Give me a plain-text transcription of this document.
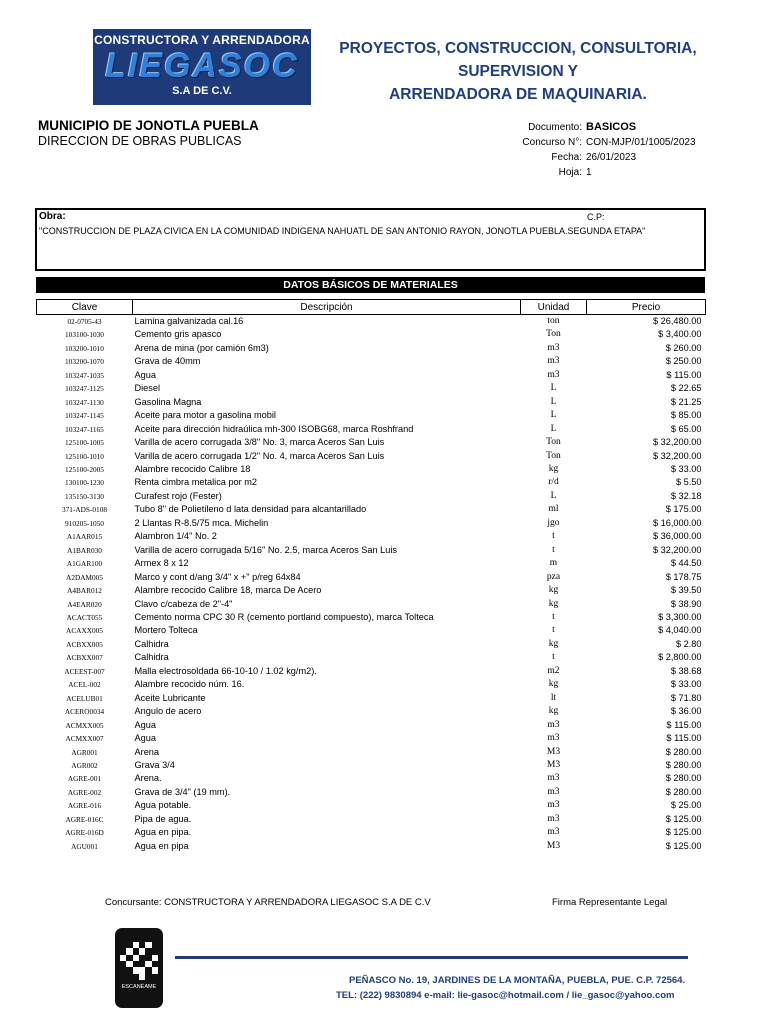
CONSTRUCTORA Y ARRENDADORA
LIEGASOC
S.A DE C.V.
PROYECTOS, CONSTRUCCION, CONSULTORIA,
SUPERVISION Y
ARRENDADORA DE MAQUINARIA.
MUNICIPIO DE JONOTLA PUEBLA
DIRECCION DE OBRAS PUBLICAS
Documento: BASICOS
Concurso N°: CON-MJP/01/1005/2023
Fecha: 26/01/2023
Hoja: 1
Obra:	C.P:
"CONSTRUCCION DE PLAZA CIVICA EN LA COMUNIDAD INDIGENA NAHUATL DE SAN ANTONIO RAYON, JONOTLA PUEBLA.SEGUNDA ETAPA"
DATOS BÁSICOS DE MATERIALES
Clave	Descripción	Unidad	Precio
02-0705-43	Lamina galvanizada cal.16	ton	$ 26,480.00
103100-1030	Cemento gris apasco	Ton	$ 3,400.00
103200-1010	Arena de mina (por camión 6m3)	m3	$ 260.00
103200-1070	Grava de 40mm	m3	$ 250.00
103247-1035	Agua	m3	$ 115.00
103247-1125	Diesel	L	$ 22.65
103247-1130	Gasolina Magna	L	$ 21.25
103247-1145	Aceite para motor a gasolina mobil	L	$ 85.00
103247-1165	Aceite para dirección hidraúlica mh-300 ISOBG68, marca Roshfrand	L	$ 65.00
125100-1005	Varilla de acero corrugada 3/8" No. 3, marca Aceros San Luis	Ton	$ 32,200.00
125100-1010	Varilla de acero corrugada 1/2" No. 4, marca Aceros San Luis	Ton	$ 32,200.00
125100-2005	Alambre recocido Calibre 18	kg	$ 33.00
130100-1230	Renta cimbra metalica por m2	r/d	$ 5.50
135150-3130	Curafest rojo (Fester)	L	$ 32.18
371-ADS-0108	Tubo 8" de Polietileno d lata densidad para alcantarillado	ml	$ 175.00
910205-1050	2 Llantas R-8.5/75 mca. Michelin	jgo	$ 16,000.00
A1AAR015	Alambron 1/4" No. 2	t	$ 36,000.00
A1BAR030	Varilla de acero corrugada 5/16" No. 2.5, marca Aceros San Luis	t	$ 32,200.00
A1GAR100	Armex 8 x 12	m	$ 44.50
A2DAM005	Marco y cont d/ang 3/4" x +" p/reg 64x84	pza	$ 178.75
A4BAR012	Alambre recocido Calibre 18, marca De Acero	kg	$ 39.50
A4EAR020	Clavo c/cabeza de 2"-4"	kg	$ 38.90
ACACT055	Cemento norma CPC 30 R (cemento portland compuesto), marca Tolteca	t	$ 3,300.00
ACAXX005	Mortero Tolteca	t	$ 4,040.00
ACBXX005	Calhidra	kg	$ 2.80
ACBXX007	Calhidra	t	$ 2,800.00
ACEEST-007	Malla electrosoldada 66-10-10 / 1.02 kg/m2).	m2	$ 38.68
ACEL-002	Alambre recocido núm. 16.	kg	$ 33.00
ACELUB01	Aceite Lubricante	lt	$ 71.80
ACERO0034	Angulo de acero	kg	$ 36.00
ACMXX005	Agua	m3	$ 115.00
ACMXX007	Agua	m3	$ 115.00
AGR001	Arena	M3	$ 280.00
AGR002	Grava 3/4	M3	$ 280.00
AGRE-001	Arena.	m3	$ 280.00
AGRE-002	Grava de 3/4" (19 mm).	m3	$ 280.00
AGRE-016	Agua potable.	m3	$ 25.00
AGRE-016C	Pipa de agua.	m3	$ 125.00
AGRE-016D	Agua en pipa.	m3	$ 125.00
AGU001	Agua en pipa	M3	$ 125.00
Concursante: CONSTRUCTORA Y ARRENDADORA LIEGASOC S.A DE C.V	Firma Representante Legal
ESCANÉAME
PEÑASCO No. 19, JARDINES DE LA MONTAÑA, PUEBLA, PUE. C.P. 72564.
TEL: (222) 9830894 e-mail: lie-gasoc@hotmail.com / lie_gasoc@yahoo.com
